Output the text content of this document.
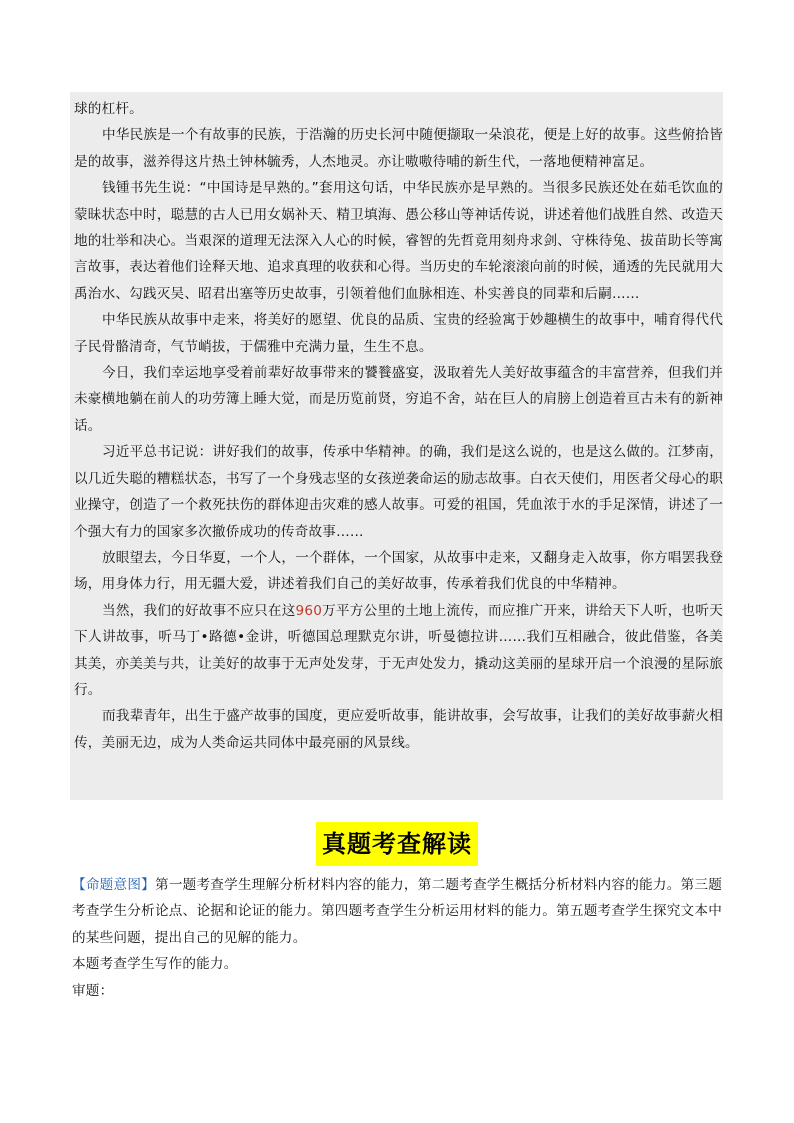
球的杠杆。

中华民族是一个有故事的民族，于浩瀚的历史长河中随便撷取一朵浪花，便是上好的故事。这些俯拾皆是的故事，滋养得这片热土钟林毓秀，人杰地灵。亦让嗷嗷待哺的新生代，一落地便精神富足。

钱锺书先生说：“中国诗是早熟的。”套用这句话，中华民族亦是早熟的。当很多民族还处在茹毛饮血的蒙昧状态中时，聪慧的古人已用女娲补天、精卫填海、愚公移山等神话传说，讲述着他们战胜自然、改造天地的壮举和决心。当艰深的道理无法深入人心的时候，睿智的先哲竟用刻舟求剑、守株待兔、拔苗助长等寓言故事，表达着他们诠释天地、追求真理的收获和心得。当历史的车轮滚滚向前的时候，通透的先民就用大禹治水、勾践灭吴、昭君出塞等历史故事，引领着他们血脉相连、朴实善良的同辈和后嗣……

中华民族从故事中走来，将美好的愿望、优良的品质、宝贵的经验寓于妙趣横生的故事中，哺育得代代子民骨骼清奇，气节峭拔，于儒雅中充满力量，生生不息。

今日，我们幸运地享受着前辈好故事带来的饕餮盛宴，汲取着先人美好故事蕴含的丰富营养，但我们并未豪横地躺在前人的功劳簿上睡大觉，而是历览前贤，穷追不舍，站在巨人的肩膀上创造着亘古未有的新神话。

习近平总书记说：讲好我们的故事，传承中华精神。的确，我们是这么说的，也是这么做的。江梦南，以几近失聪的糟糕状态，书写了一个身残志坚的女孩逆袭命运的励志故事。白衣天使们，用医者父母心的职业操守，创造了一个救死扶伤的群体迎击灾难的感人故事。可爱的祖国，凭血浓于水的手足深情，讲述了一个强大有力的国家多次撤侨成功的传奇故事……

放眼望去，今日华夏，一个人，一个群体，一个国家，从故事中走来，又翻身走入故事，你方唱罢我登场，用身体力行，用无疆大爱，讲述着我们自己的美好故事，传承着我们优良的中华精神。

当然，我们的好故事不应只在这960万平方公里的土地上流传，而应推广开来，讲给天下人听，也听天下人讲故事，听马丁•路德•金讲，听德国总理默克尔讲，听曼德拉讲……我们互相融合，彼此借鉴，各美其美，亦美美与共，让美好的故事于无声处发芽，于无声处发力，撬动这美丽的星球开启一个浪漫的星际旅行。

而我辈青年，出生于盛产故事的国度，更应爱听故事，能讲故事，会写故事，让我们的美好故事薪火相传，美丽无边，成为人类命运共同体中最亮丽的风景线。

真题考查解读

【命题意图】第一题考查学生理解分析材料内容的能力，第二题考查学生概括分析材料内容的能力。第三题考查学生分析论点、论据和论证的能力。第四题考查学生分析运用材料的能力。第五题考查学生探究文本中的某些问题，提出自己的见解的能力。

本题考查学生写作的能力。

审题：
